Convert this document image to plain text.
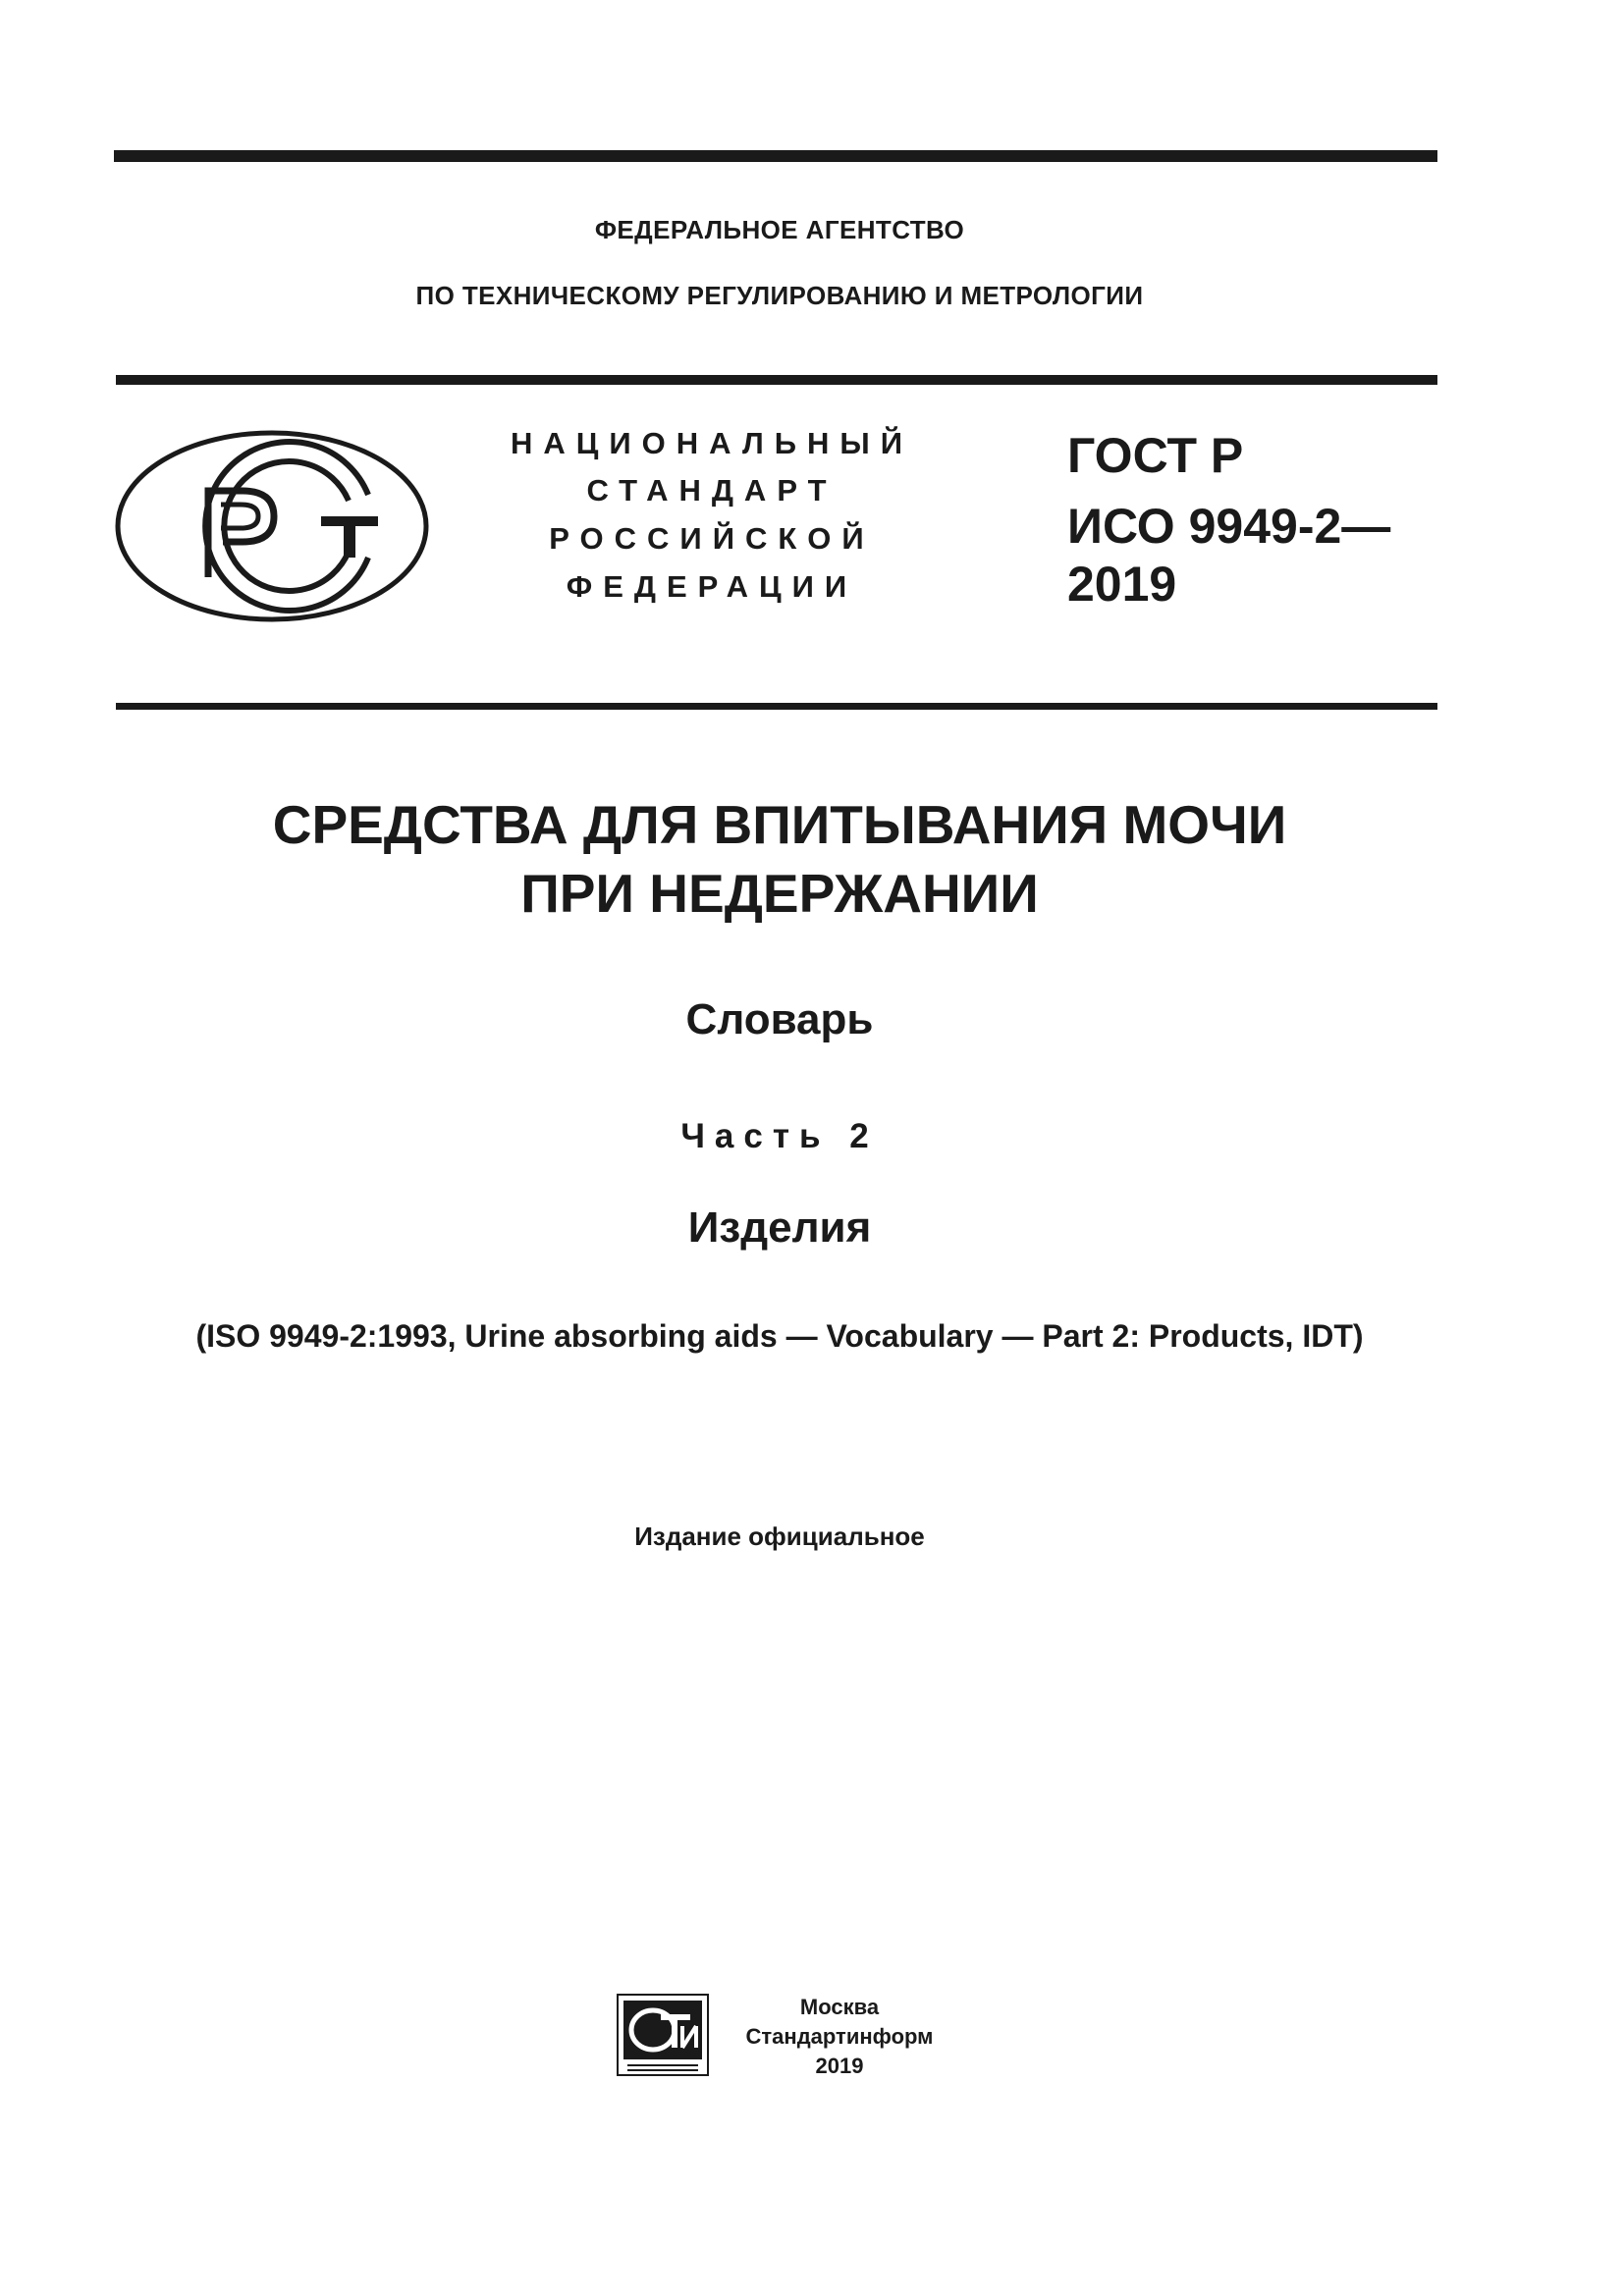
ФЕДЕРАЛЬНОЕ АГЕНТСТВО
ПО ТЕХНИЧЕСКОМУ РЕГУЛИРОВАНИЮ И МЕТРОЛОГИИ
НАЦИОНАЛЬНЫЙ
СТАНДАРТ
РОССИЙСКОЙ
ФЕДЕРАЦИИ
ГОСТ Р
ИСО 9949-2—
2019
СРЕДСТВА ДЛЯ ВПИТЫВАНИЯ МОЧИ
ПРИ НЕДЕРЖАНИИ
Словарь
Часть 2
Изделия
(ISO 9949-2:1993, Urine absorbing aids — Vocabulary — Part 2: Products, IDT)
Издание официальное
Москва
Стандартинформ
2019
